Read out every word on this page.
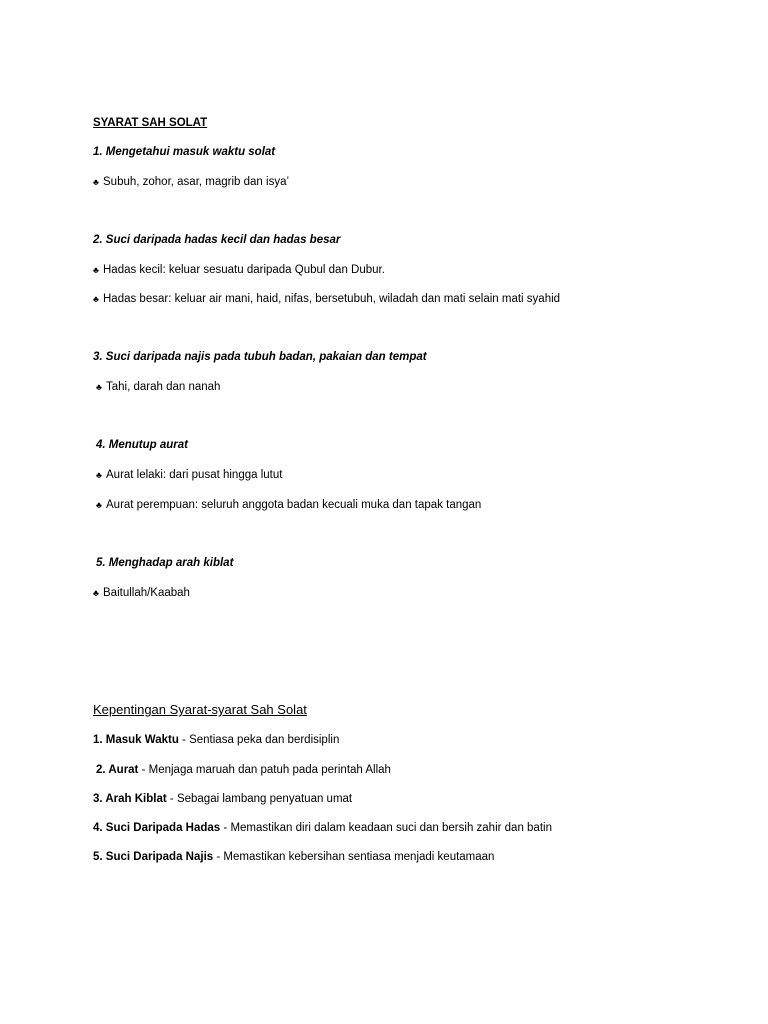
SYARAT SAH SOLAT
1. Mengetahui masuk waktu solat
♣ Subuh, zohor, asar, magrib dan isya’
2. Suci daripada hadas kecil dan hadas besar
♣ Hadas kecil: keluar sesuatu daripada Qubul dan Dubur.
♣ Hadas besar: keluar air mani, haid, nifas, bersetubuh, wiladah dan mati selain mati syahid
3. Suci daripada najis pada tubuh badan, pakaian dan tempat
♣ Tahi, darah dan nanah
4. Menutup aurat
♣ Aurat lelaki: dari pusat hingga lutut
♣ Aurat perempuan: seluruh anggota badan kecuali muka dan tapak tangan
5. Menghadap arah kiblat
♣ Baitullah/Kaabah
Kepentingan Syarat-syarat Sah Solat
1. Masuk Waktu - Sentiasa peka dan berdisiplin
2. Aurat - Menjaga maruah dan patuh pada perintah Allah
3. Arah Kiblat - Sebagai lambang penyatuan umat
4. Suci Daripada Hadas - Memastikan diri dalam keadaan suci dan bersih zahir dan batin
5. Suci Daripada Najis - Memastikan kebersihan sentiasa menjadi keutamaan
